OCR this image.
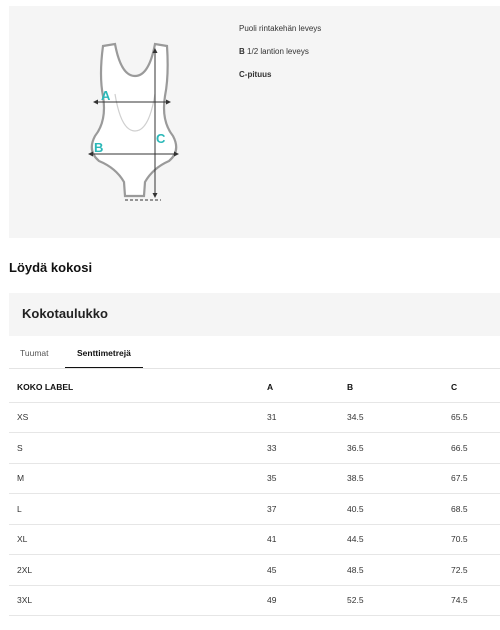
A
B
C
Puoli rintakehän leveys
B 1/2 lantion leveys
C-pituus
Löydä kokosi
Kokotaulukko
Tuumat	Senttimetrejä
KOKO LABEL	A	B	C
XS	31	34.5	65.5
S	33	36.5	66.5
M	35	38.5	67.5
L	37	40.5	68.5
XL	41	44.5	70.5
2XL	45	48.5	72.5
3XL	49	52.5	74.5
